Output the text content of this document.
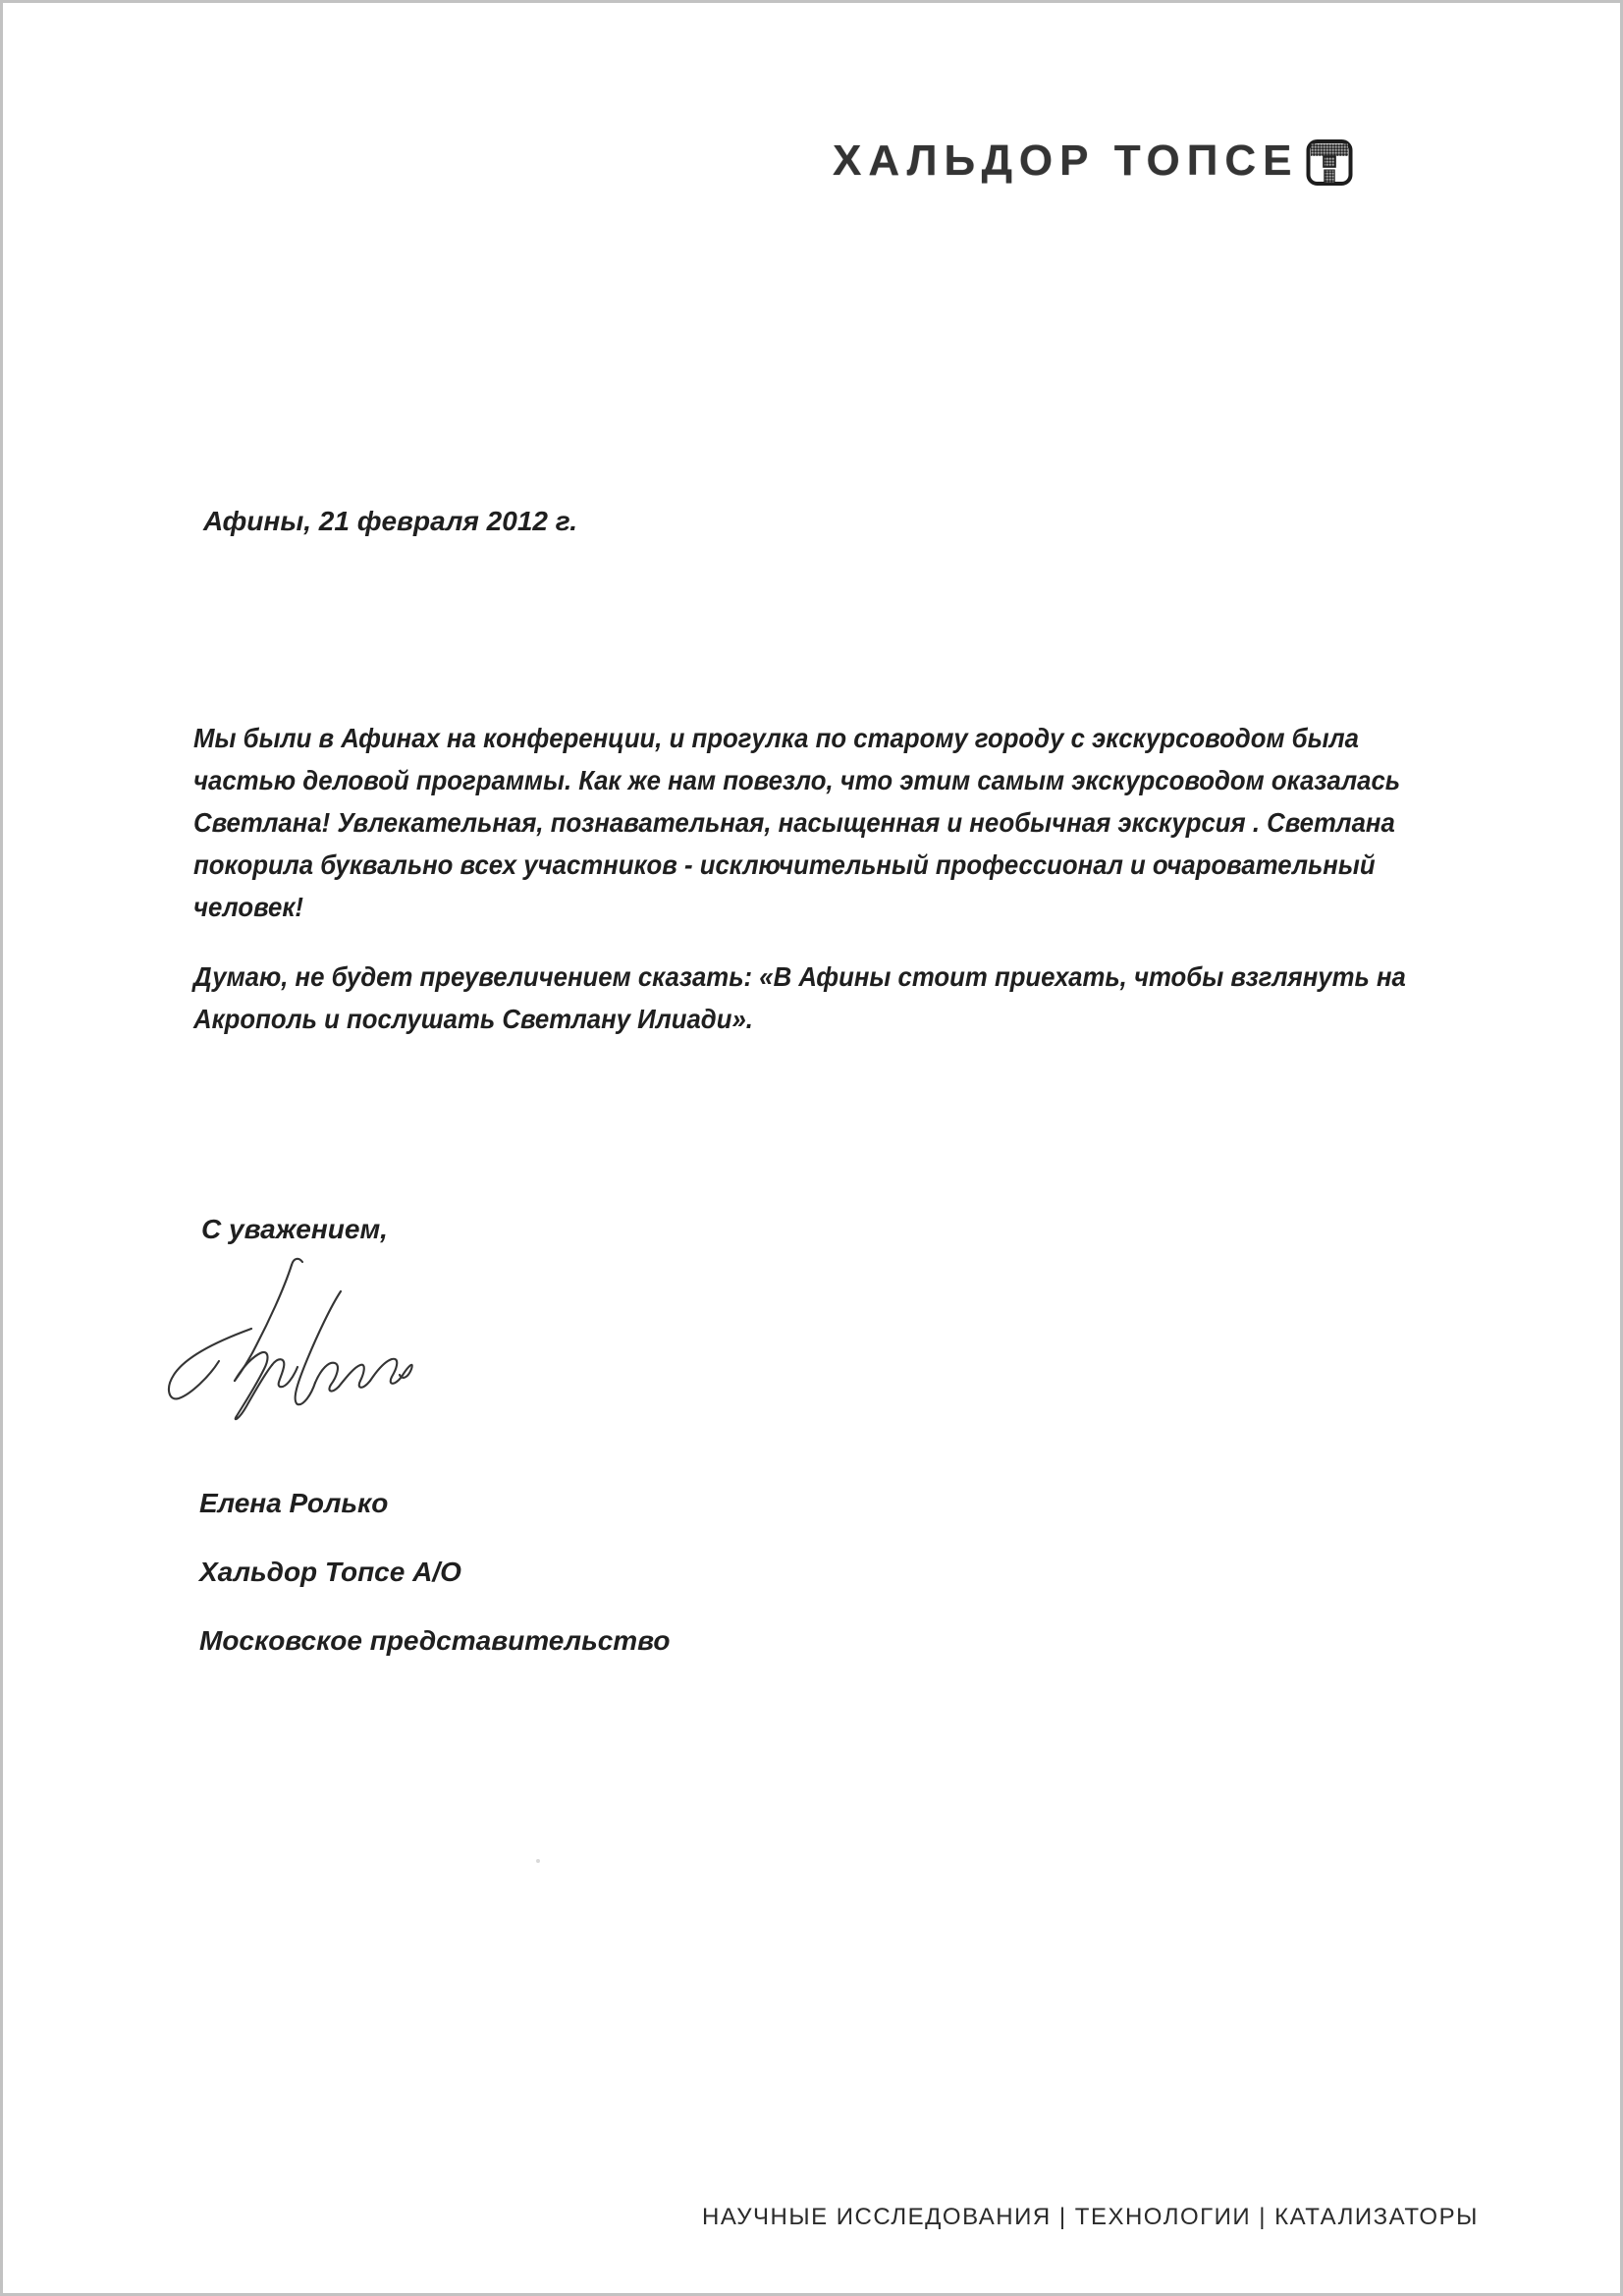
ХАЛЬДОР ТОПСЕ
Афины, 21 февраля 2012 г.
Мы были в Афинах на конференции, и прогулка по старому городу с экскурсоводом была
частью деловой программы. Как же нам повезло, что этим самым экскурсоводом оказалась
Светлана! Увлекательная, познавательная, насыщенная и необычная экскурсия . Светлана
покорила буквально всех участников - исключительный профессионал и очаровательный
человек!
Думаю, не будет преувеличением сказать: «В Афины стоит приехать, чтобы взглянуть на
Акрополь и послушать Светлану Илиади».
С уважением,
Елена Ролько
Хальдор Топсе А/О
Московское представительство
НАУЧНЫЕ ИССЛЕДОВАНИЯ | ТЕХНОЛОГИИ | КАТАЛИЗАТОРЫ
